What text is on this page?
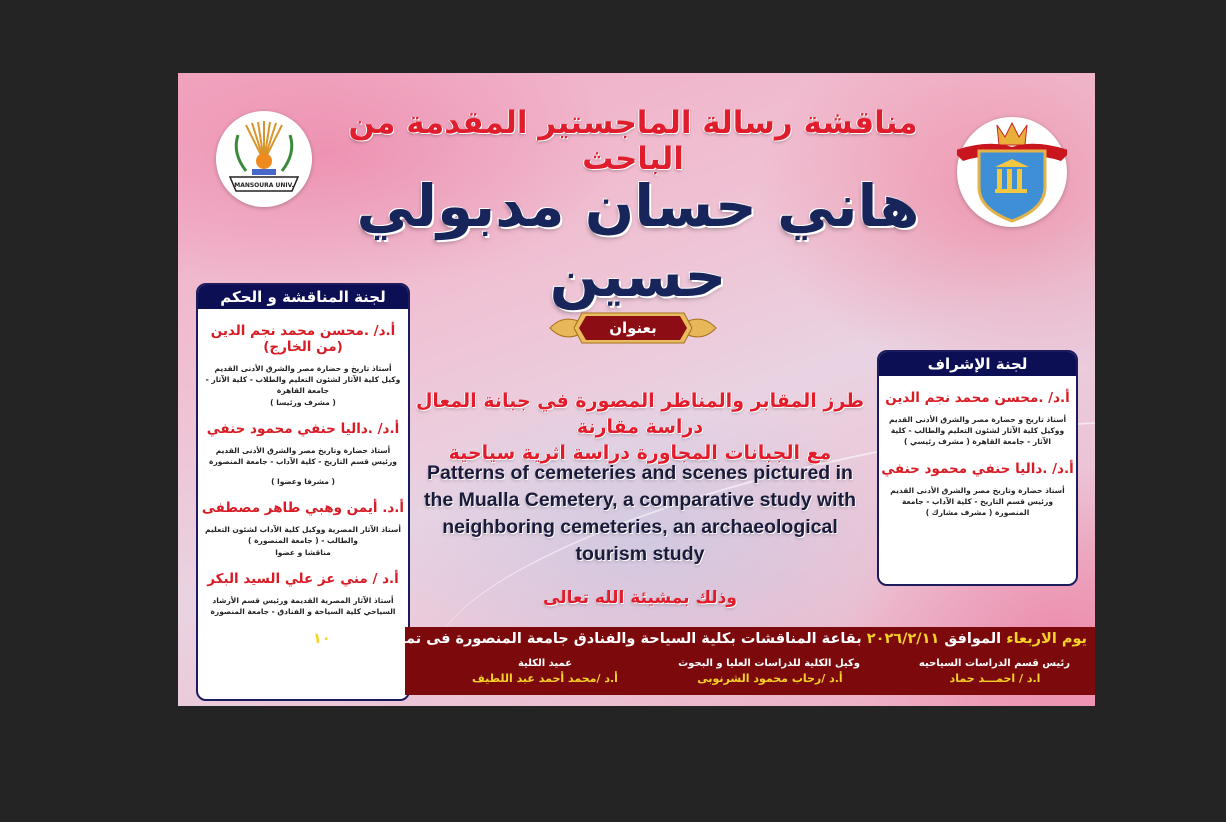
MANSOURA UNIV.
مناقشة رسالة الماجستير المقدمة من الباحث
هاني حسان مدبولي حسين
لجنة المناقشة و الحكم
أ.د/ .محسن محمد نجم الدين (من الخارج)
أستاذ تاريخ و حضارة مصر والشرق الأدنى القديم وكيل كلية الآثار لشئون التعليم والطلاب - كلية الآثار - جامعة القاهرة
( مشرف ورئيسا )
أ.د/ .داليا حنفي محمود حنفي
أستاذ حضارة وتاريخ مصر والشرق الأدنى القديم ورئيس قسم التاريخ - كلية الآداب - جامعة المنصورة
( مشرفا وعضوا )
أ.د. أيمن وهبي طاهر مصطفى
أستاذ الآثار المصرية ووكيل كلية الآداب لشئون التعليم والطالب - ( جامعة المنصورة )
مناقشا و عضوا
أ.د / مني عز علي السيد البكر
أستاذ الآثار المصرية القديمة ورئيس قسم الأرشاد السياحي كلية السياحة و الفنادق - جامعة المنصورة
بعنوان
طرز المقابر والمناظر المصورة في جبانة المعال دراسة مقارنة
مع الجبانات المجاورة دراسة اثرية سياحية
Patterns of cemeteries and scenes pictured in the Mualla Cemetery, a comparative study with neighboring cemeteries, an archaeological tourism study
وذلك بمشيئة الله تعالى
لجنة الإشراف
أ.د/ .محسن محمد نجم الدين
أستاذ تاريخ و حضارة مصر والشرق الأدنى القديم ووكيل كلية الآثار لشئون التعليم والطالب - كلية الآثار - جامعة القاهرة ( مشرف رئيسي )
أ.د/ .داليا حنفي محمود حنفي
أستاذ حضارة وتاريخ مصر والشرق الأدنى القديم ورئيس قسم التاريخ - كلية الآداب - جامعة المنصورة ( مشرف مشارك )
يوم الاربعاء الموافق ٢٠٢٦/٢/١١ بقاعة المناقشات بكلية السياحة والفنادق جامعة المنصورة فى تمام الساعه ١٠صباحاً
رئيس قسم الدراسات السياحيه
ا.د / احمـــد حماد
وكيل الكلية للدراسات العليا و البحوث
أ.د /رحاب محمود الشرنوبى
عميد الكلية
أ.د /محمد أحمد عبد اللطيف
